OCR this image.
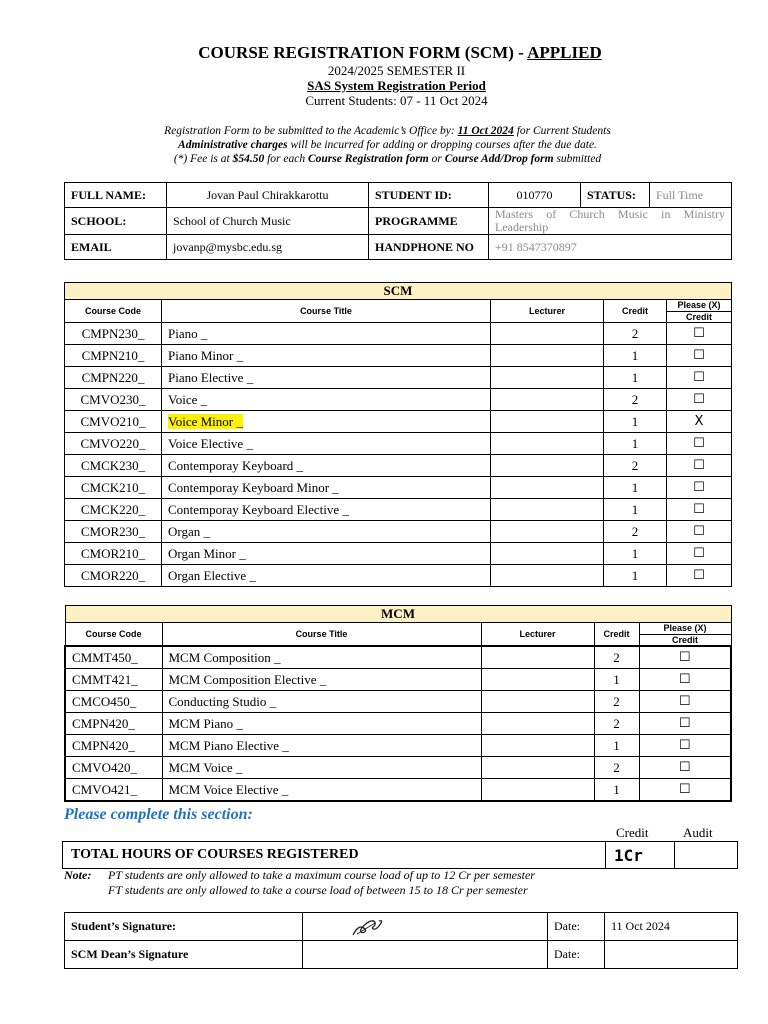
COURSE REGISTRATION FORM (SCM) - APPLIED
2024/2025 SEMESTER II
SAS System Registration Period
Current Students: 07 - 11 Oct 2024
Registration Form to be submitted to the Academic’s Office by: 11 Oct 2024 for Current Students
Administrative charges will be incurred for adding or dropping courses after the due date.
(*) Fee is at $54.50 for each Course Registration form or Course Add/Drop form submitted
FULL NAME:	Jovan Paul Chirakkarottu	STUDENT ID:	010770	STATUS:	Full Time
SCHOOL:	School of Church Music	PROGRAMME	Masters of Church Music in Ministry
Leadership		

EMAIL	jovanp@mysbc.edu.sg	HANDPHONE NO	+91 8547370897		
SCM				
Course Code	Course Title	Lecturer	Credit	Please (X)
Credit

CMPN230_	Piano _		2	☐
CMPN210_	Piano Minor _		1	☐
CMPN220_	Piano Elective _		1	☐
CMVO230_	Voice _		2	☐
CMVO210_	Voice Minor _		1	X
CMVO220_	Voice Elective _		1	☐
CMCK230_	Contemporay Keyboard _		2	☐
CMCK210_	Contemporay Keyboard Minor _		1	☐
CMCK220_	Contemporay Keyboard Elective _		1	☐
CMOR230_	Organ _		2	☐
CMOR210_	Organ Minor _		1	☐
CMOR220_	Organ Elective _		1	☐
MCM				
Course Code	Course Title	Lecturer	Credit	Please (X)
Credit

CMMT450_	MCM Composition _		2	☐
CMMT421_	MCM Composition Elective _		1	☐
CMCO450_	Conducting Studio _		2	☐
CMPN420_	MCM Piano _		2	☐
CMPN420_	MCM Piano Elective _		1	☐
CMVO420_	MCM Voice _		2	☐
CMVO421_	MCM Voice Elective _		1	☐
Please complete this section:
Credit	Audit
TOTAL HOURS OF COURSES REGISTERED	1Cr	
Note: PT students are only allowed to take a maximum course load of up to 12 Cr per semester
FT students are only allowed to take a course load of between 15 to 18 Cr per semester
Student’s Signature:		Date:	11 Oct 2024
SCM Dean’s Signature		Date:	
